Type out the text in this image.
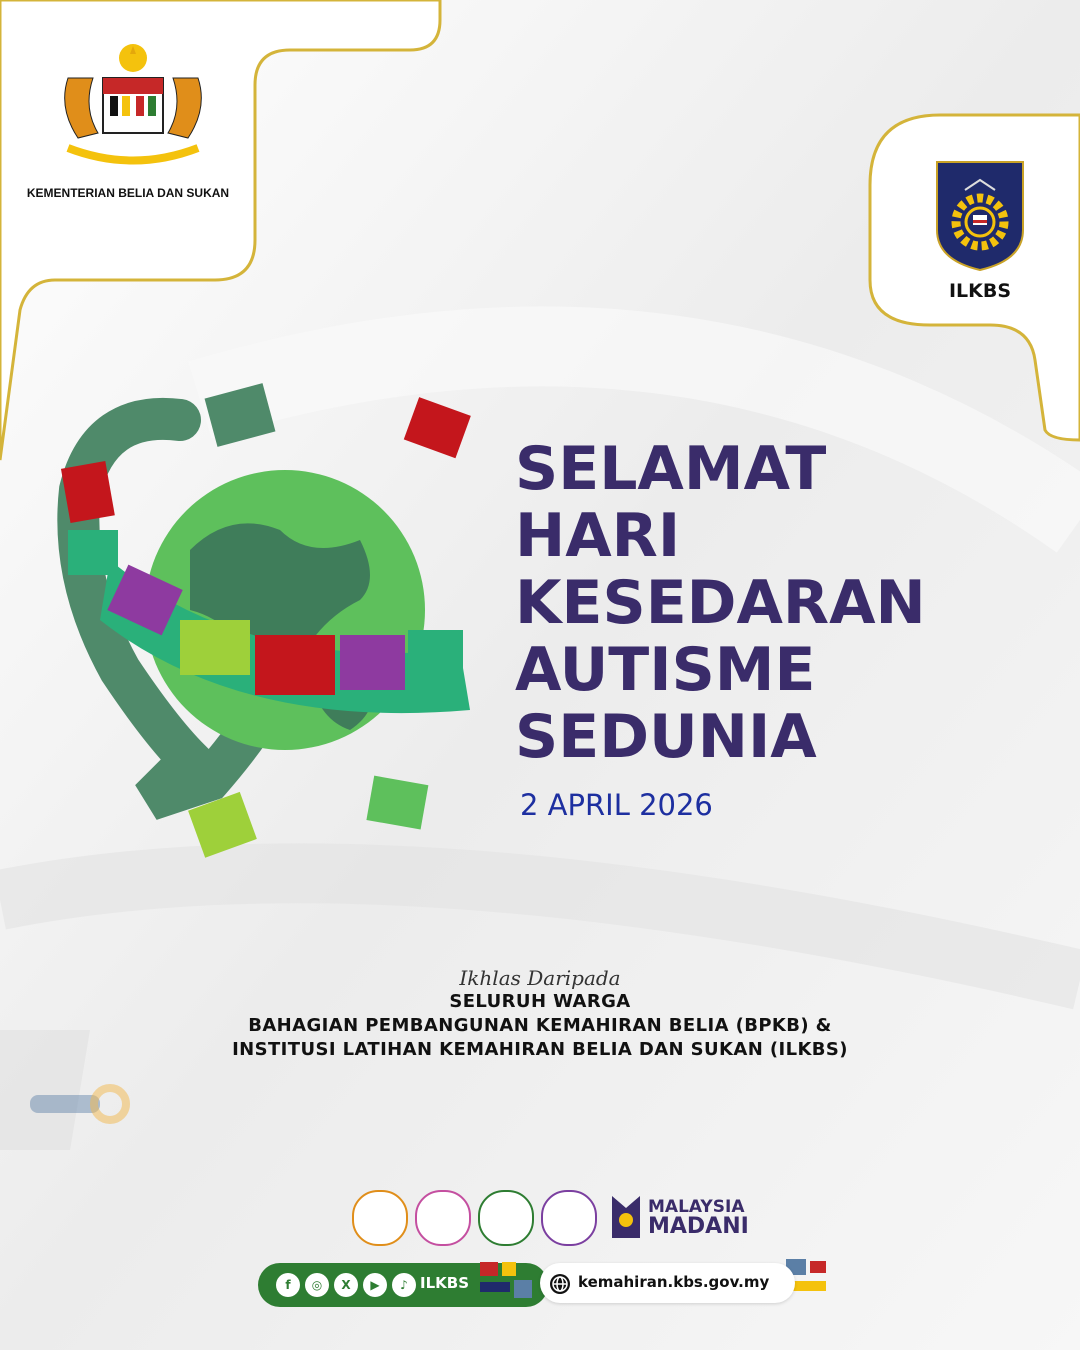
KEMENTERIAN BELIA DAN SUKAN
ILKBS
SELAMAT
HARI
KESEDARAN
AUTISME
SEDUNIA
2 APRIL 2026
Ikhlas Daripada
SELURUH WARGA
BAHAGIAN PEMBANGUNAN KEMAHIRAN BELIA (BPKB) &
INSTITUSI LATIHAN KEMAHIRAN BELIA DAN SUKAN (ILKBS)
MALAYSIA
MADANI
f	◎	X	▶	♪ ILKBS	kemahiran.kbs.gov.my
